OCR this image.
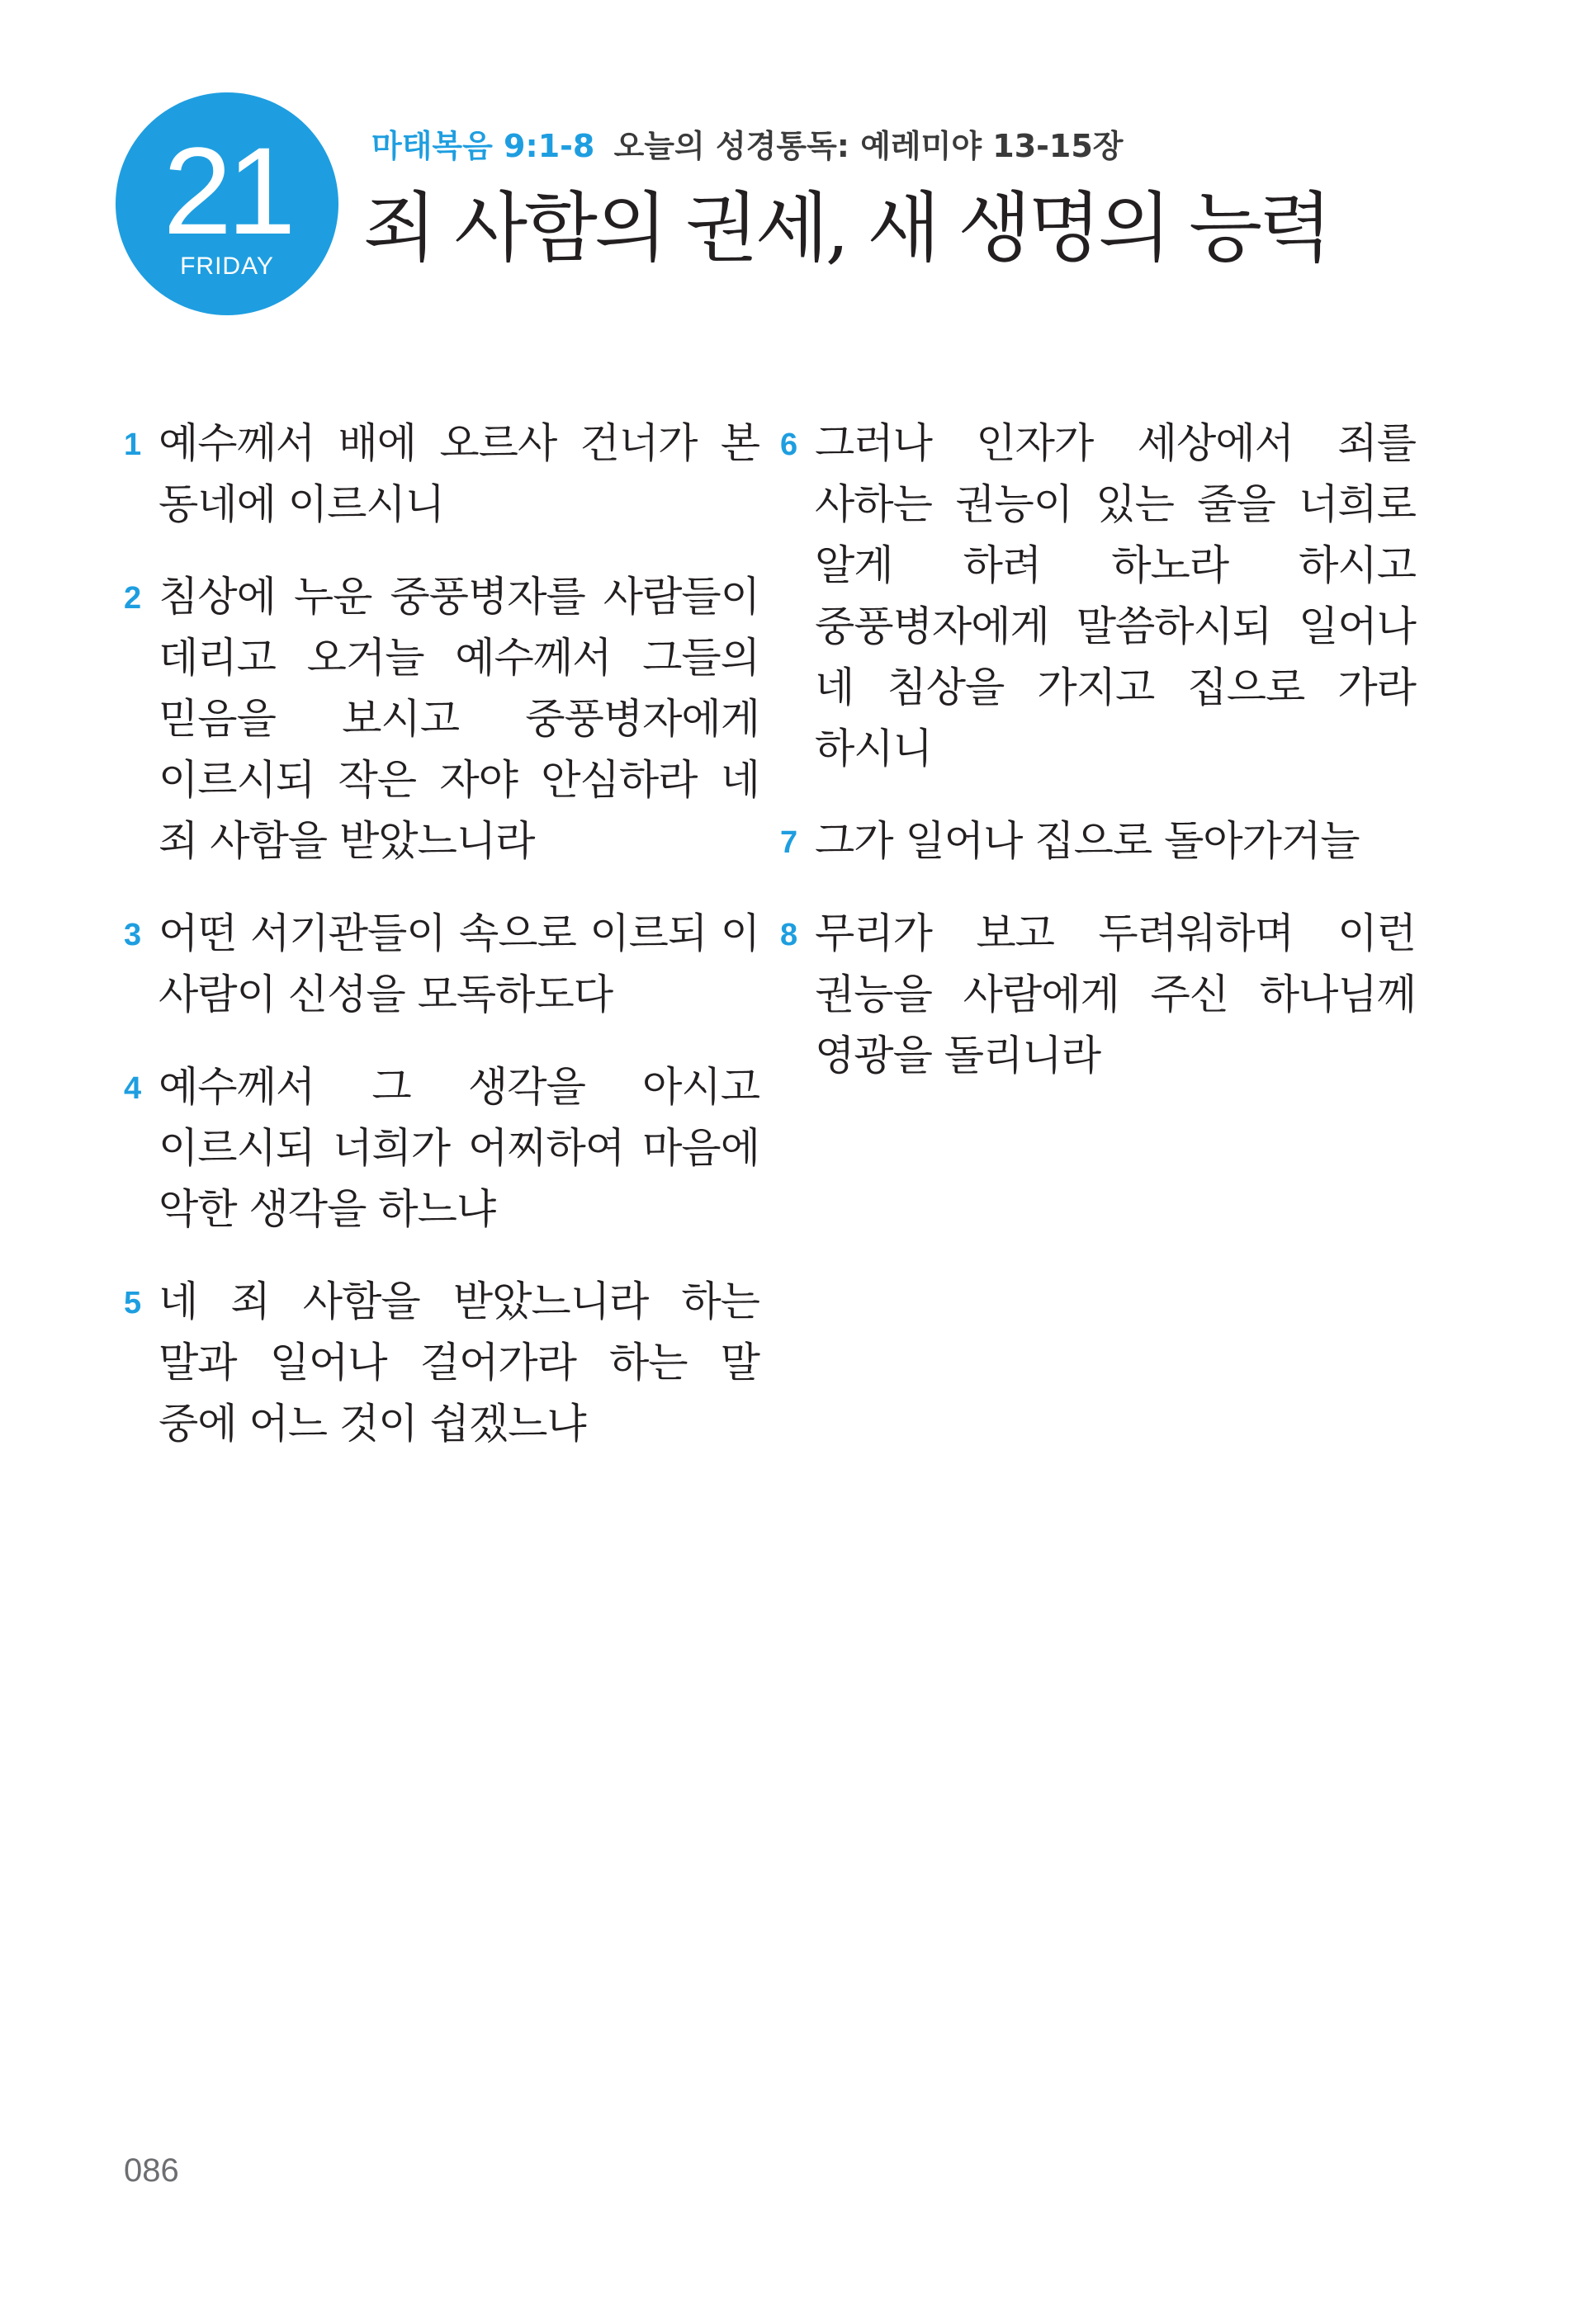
21
FRIDAY
마태복음 9:1-8 오늘의 성경통독: 예레미야 13-15장
죄 사함의 권세, 새 생명의 능력
1 예수께서 배에 오르사 건너가 본 동네에 이르시니
2 침상에 누운 중풍병자를 사람들이 데리고 오거늘 예수께서 그들의 믿음을 보시고 중풍병자에게 이르시되 작은 자야 안심하라 네 죄 사함을 받았느니라
3 어떤 서기관들이 속으로 이르되 이 사람이 신성을 모독하도다
4 예수께서 그 생각을 아시고 이르시되 너희가 어찌하여 마음에 악한 생각을 하느냐
5 네 죄 사함을 받았느니라 하는 말과 일어나 걸어가라 하는 말 중에 어느 것이 쉽겠느냐
6 그러나 인자가 세상에서 죄를 사하는 권능이 있는 줄을 너희로 알게 하려 하노라 하시고 중풍병자에게 말씀하시되 일어나 네 침상을 가지고 집으로 가라 하시니
7 그가 일어나 집으로 돌아가거늘
8 무리가 보고 두려워하며 이런 권능을 사람에게 주신 하나님께 영광을 돌리니라
086
